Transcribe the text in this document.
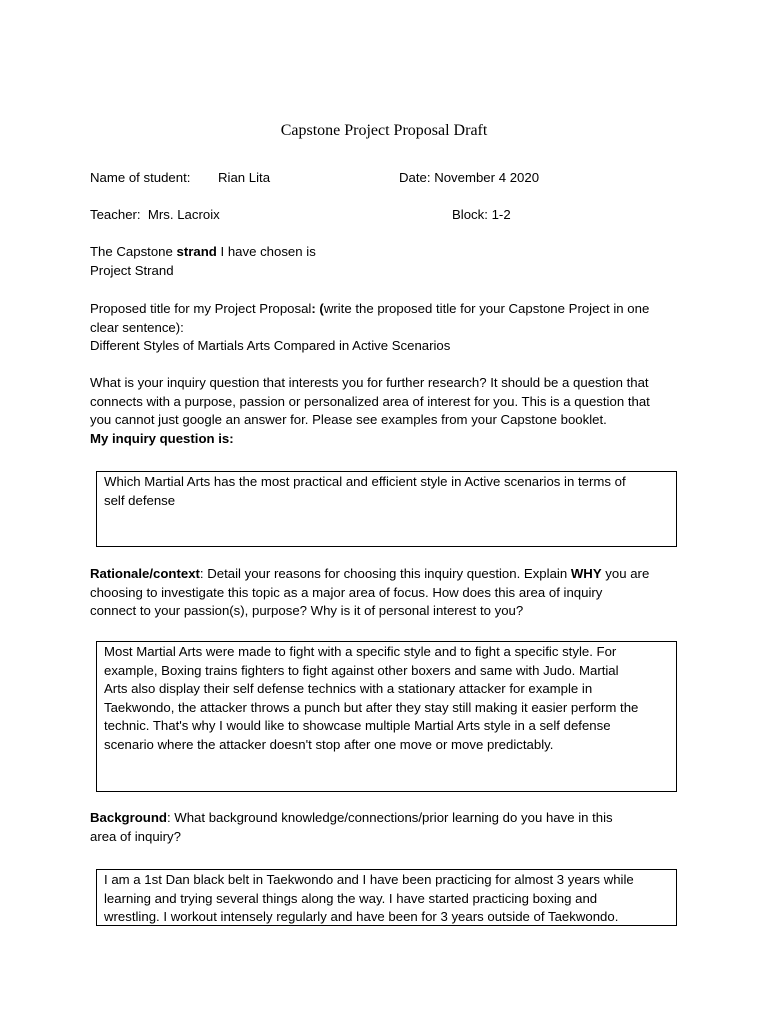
Capstone Project Proposal Draft
Name of student: Rian Lita	Date: November 4 2020
Teacher: Mrs. Lacroix	Block: 1-2
The Capstone strand I have chosen is
Project Strand
Proposed title for my Project Proposal: (write the proposed title for your Capstone Project in one
clear sentence):
Different Styles of Martials Arts Compared in Active Scenarios
What is your inquiry question that interests you for further research? It should be a question that
connects with a purpose, passion or personalized area of interest for you. This is a question that
you cannot just google an answer for. Please see examples from your Capstone booklet.
My inquiry question is:
Which Martial Arts has the most practical and efficient style in Active scenarios in terms of
self defense
Rationale/context: Detail your reasons for choosing this inquiry question. Explain WHY you are
choosing to investigate this topic as a major area of focus. How does this area of inquiry
connect to your passion(s), purpose? Why is it of personal interest to you?
Most Martial Arts were made to fight with a specific style and to fight a specific style. For
example, Boxing trains fighters to fight against other boxers and same with Judo. Martial
Arts also display their self defense technics with a stationary attacker for example in
Taekwondo, the attacker throws a punch but after they stay still making it easier perform the
technic. That's why I would like to showcase multiple Martial Arts style in a self defense
scenario where the attacker doesn't stop after one move or move predictably.
Background: What background knowledge/connections/prior learning do you have in this
area of inquiry?
I am a 1st Dan black belt in Taekwondo and I have been practicing for almost 3 years while
learning and trying several things along the way. I have started practicing boxing and
wrestling. I workout intensely regularly and have been for 3 years outside of Taekwondo.
